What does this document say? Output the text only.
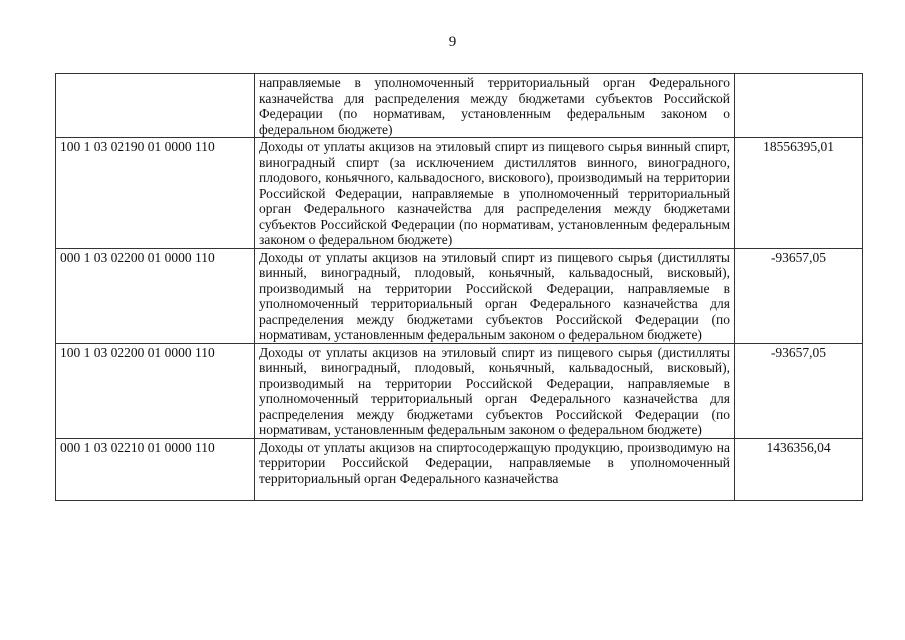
9
	направляемые в уполномоченный территориальный орган Федерального казначейства для распределения между бюджетами субъектов Российской Федерации (по нормативам, установленным федеральным законом о федеральном бюджете)	
100 1 03 02190 01 0000 110	Доходы от уплаты акцизов на этиловый спирт из пищевого сырья винный спирт, виноградный спирт (за исключением дистиллятов винного, виноградного, плодового, коньячного, кальвадосного, вискового), производимый на территории Российской Федерации, направляемые в уполномоченный территориальный орган Федерального казначейства для распределения между бюджетами субъектов Российской Федерации (по нормативам, установленным федеральным законом о федеральном бюджете)	18556395,01
000 1 03 02200 01 0000 110	Доходы от уплаты акцизов на этиловый спирт из пищевого сырья (дистилляты винный, виноградный, плодовый, коньячный, кальвадосный, висковый), производимый на территории Российской Федерации, направляемые в уполномоченный территориальный орган Федерального казначейства для распределения между бюджетами субъектов Российской Федерации (по нормативам, установленным федеральным законом о федеральном бюджете)	-93657,05
100 1 03 02200 01 0000 110	Доходы от уплаты акцизов на этиловый спирт из пищевого сырья (дистилляты винный, виноградный, плодовый, коньячный, кальвадосный, висковый), производимый на территории Российской Федерации, направляемые в уполномоченный территориальный орган Федерального казначейства для распределения между бюджетами субъектов Российской Федерации (по нормативам, установленным федеральным законом о федеральном бюджете)	-93657,05
000 1 03 02210 01 0000 110	Доходы от уплаты акцизов на спиртосодержащую продукцию, производимую на территории Российской Федерации, направляемые в уполномоченный территориальный орган Федерального казначейства	1436356,04
